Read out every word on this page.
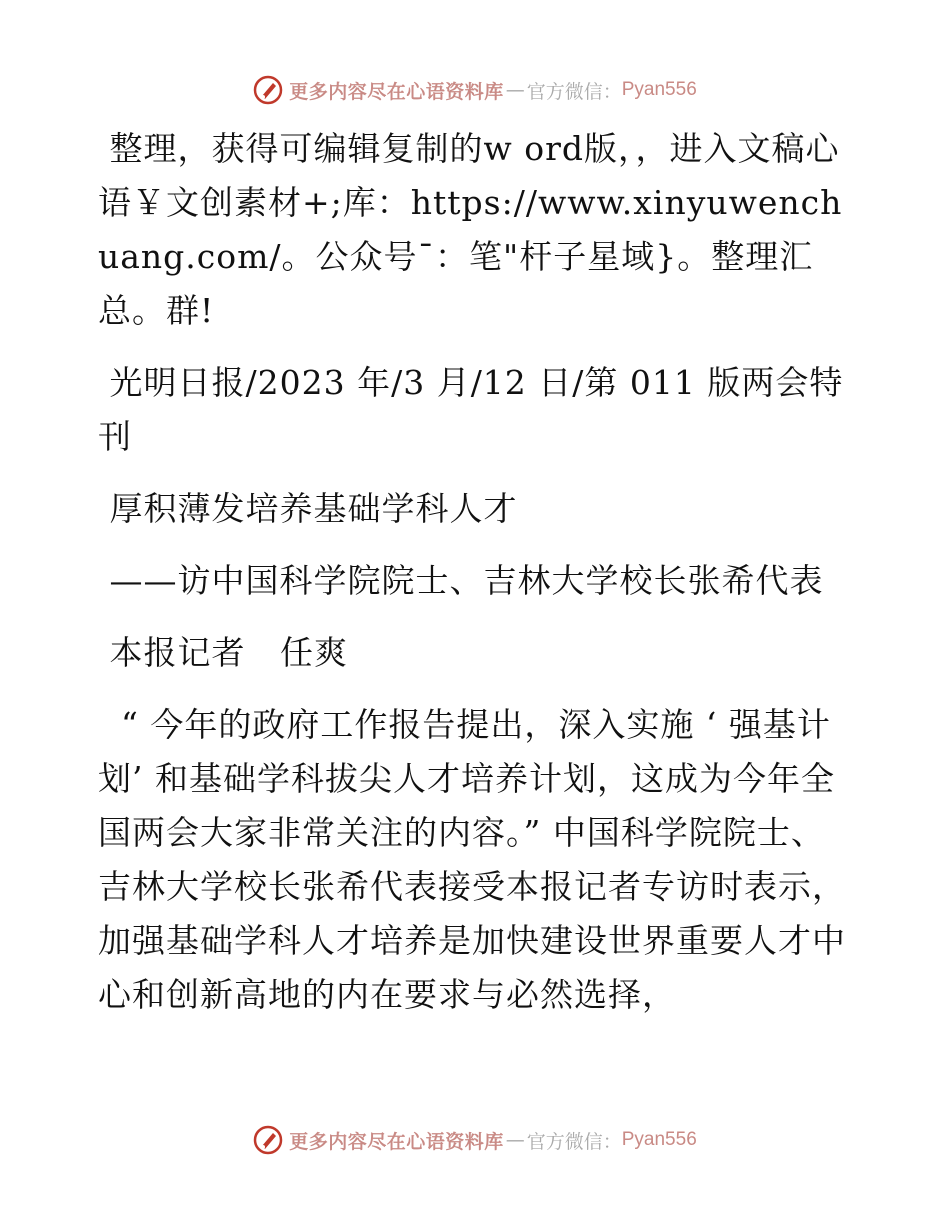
更多内容尽在心语资料库 — 官方微信： Pyan556

整理，获得可编辑复制的w ord版，，进入文稿心语￥文创素材+;库：https://www.xinyuwenchuang.com/。公众号¯：笔"杆子星域}。整理汇总。群!

光明日报/2023 年/3 月/12 日/第 011 版两会特刊

厚积薄发培养基础学科人才

——访中国科学院院士、吉林大学校长张希代表

本报记者   任爽

“ 今年的政府工作报告提出，深入实施 ‘ 强基计划’ 和基础学科拔尖人才培养计划，这成为今年全国两会大家非常关注的内容。” 中国科学院院士、 吉林大学校长张希代表接受本报记者专访时表示，加强基础学科人才培养是加快建设世界重要人才中心和创新高地的内在要求与必然选择，

更多内容尽在心语资料库 — 官方微信： Pyan556
